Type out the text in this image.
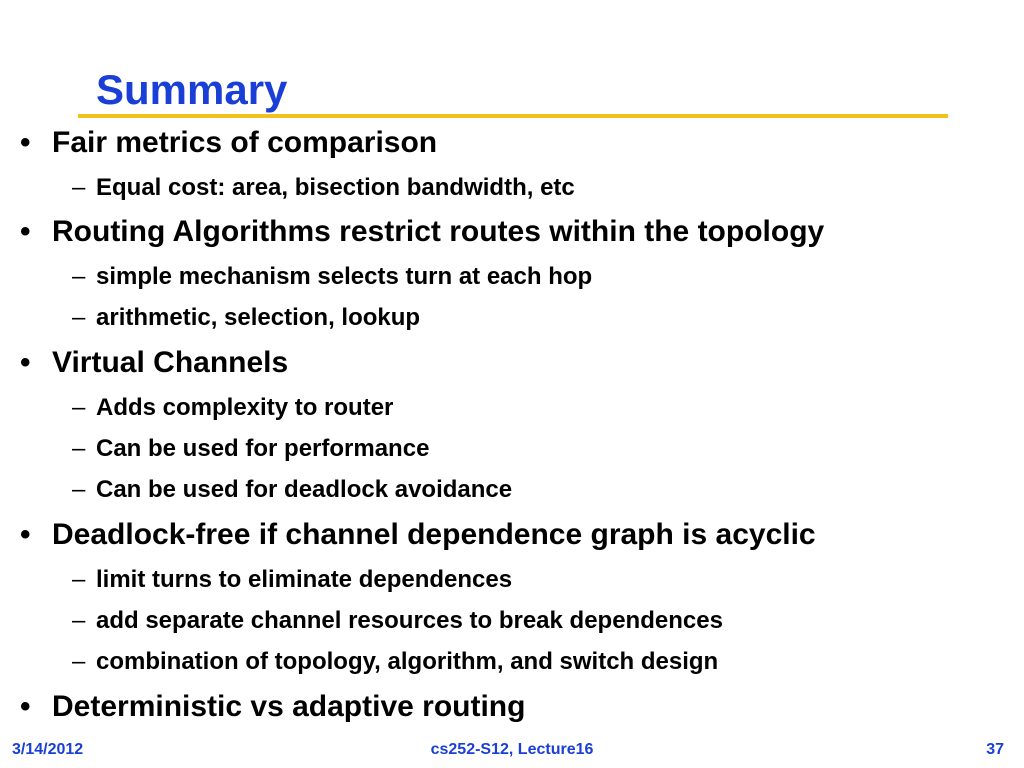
Summary
• Fair metrics of comparison
– Equal cost: area, bisection bandwidth, etc
• Routing Algorithms restrict routes within the topology
– simple mechanism selects turn at each hop
– arithmetic, selection, lookup
• Virtual Channels
– Adds complexity to router
– Can be used for performance
– Can be used for deadlock avoidance
• Deadlock-free if channel dependence graph is acyclic
– limit turns to eliminate dependences
– add separate channel resources to break dependences
– combination of topology, algorithm, and switch design
• Deterministic vs adaptive routing
3/14/2012	cs252-S12, Lecture16	37
